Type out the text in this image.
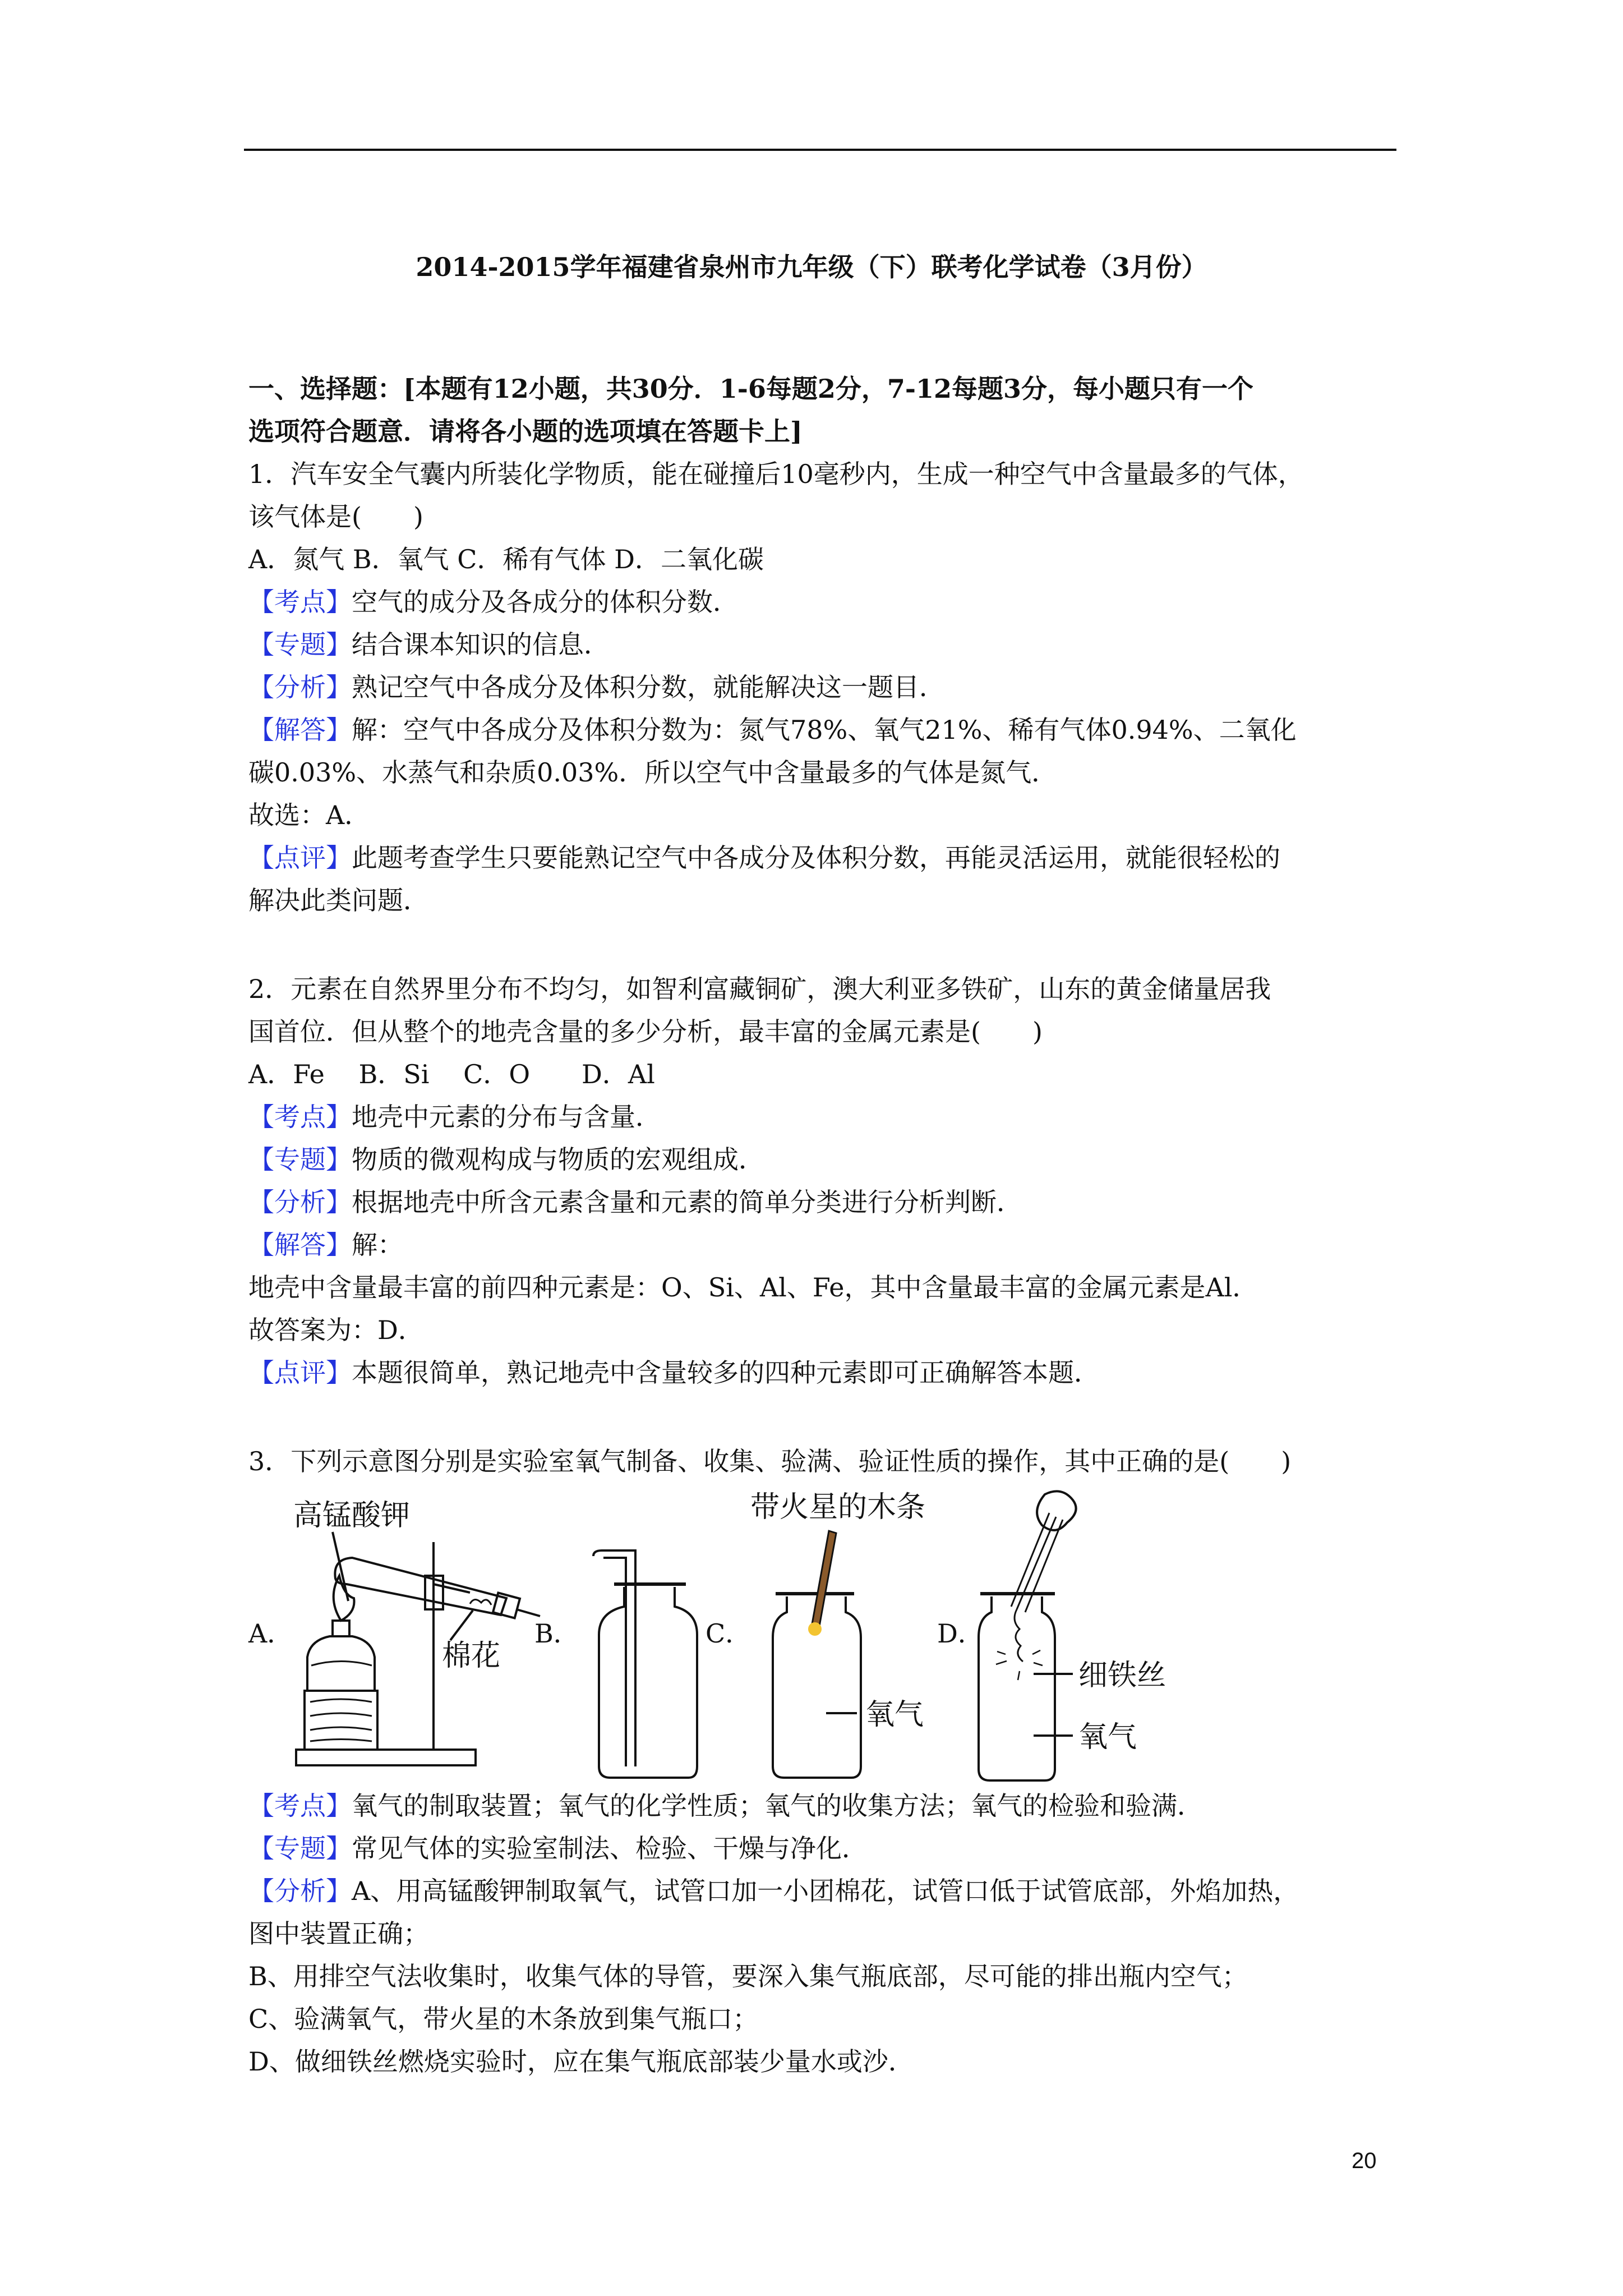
2014-2015学年福建省泉州市九年级（下）联考化学试卷（3月份）
一、选择题：[本题有12小题，共30分．1-6每题2分，7-12每题3分，每小题只有一个
选项符合题意．请将各小题的选项填在答题卡上]
1．汽车安全气囊内所装化学物质，能在碰撞后10毫秒内，生成一种空气中含量最多的气体，
该气体是(　　)
A．氮气 B．氧气 C．稀有气体 D．二氧化碳
【考点】空气的成分及各成分的体积分数．
【专题】结合课本知识的信息．
【分析】熟记空气中各成分及体积分数，就能解决这一题目．
【解答】解：空气中各成分及体积分数为：氮气78%、氧气21%、稀有气体0.94%、二氧化
碳0.03%、水蒸气和杂质0.03%．所以空气中含量最多的气体是氮气．
故选：A．
【点评】此题考查学生只要能熟记空气中各成分及体积分数，再能灵活运用，就能很轻松的
解决此类问题．
2．元素在自然界里分布不均匀，如智利富藏铜矿，澳大利亚多铁矿，山东的黄金储量居我
国首位．但从整个的地壳含量的多少分析，最丰富的金属元素是(　　)
A．Fe　 B．Si　 C．O　　D．Al
【考点】地壳中元素的分布与含量．
【专题】物质的微观构成与物质的宏观组成．
【分析】根据地壳中所含元素含量和元素的简单分类进行分析判断．
【解答】解：
地壳中含量最丰富的前四种元素是：O、Si、Al、Fe，其中含量最丰富的金属元素是Al．
故答案为：D．
【点评】本题很简单，熟记地壳中含量较多的四种元素即可正确解答本题．
3．下列示意图分别是实验室氧气制备、收集、验满、验证性质的操作，其中正确的是(　　)
A．	B．	C．	D．
高锰酸钾
棉花
带火星的木条
氧气
细铁丝
氧气
【考点】氧气的制取装置；氧气的化学性质；氧气的收集方法；氧气的检验和验满．
【专题】常见气体的实验室制法、检验、干燥与净化．
【分析】A、用高锰酸钾制取氧气，试管口加一小团棉花，试管口低于试管底部，外焰加热，
图中装置正确；
B、用排空气法收集时，收集气体的导管，要深入集气瓶底部，尽可能的排出瓶内空气；
C、验满氧气，带火星的木条放到集气瓶口；
D、做细铁丝燃烧实验时，应在集气瓶底部装少量水或沙．
20
